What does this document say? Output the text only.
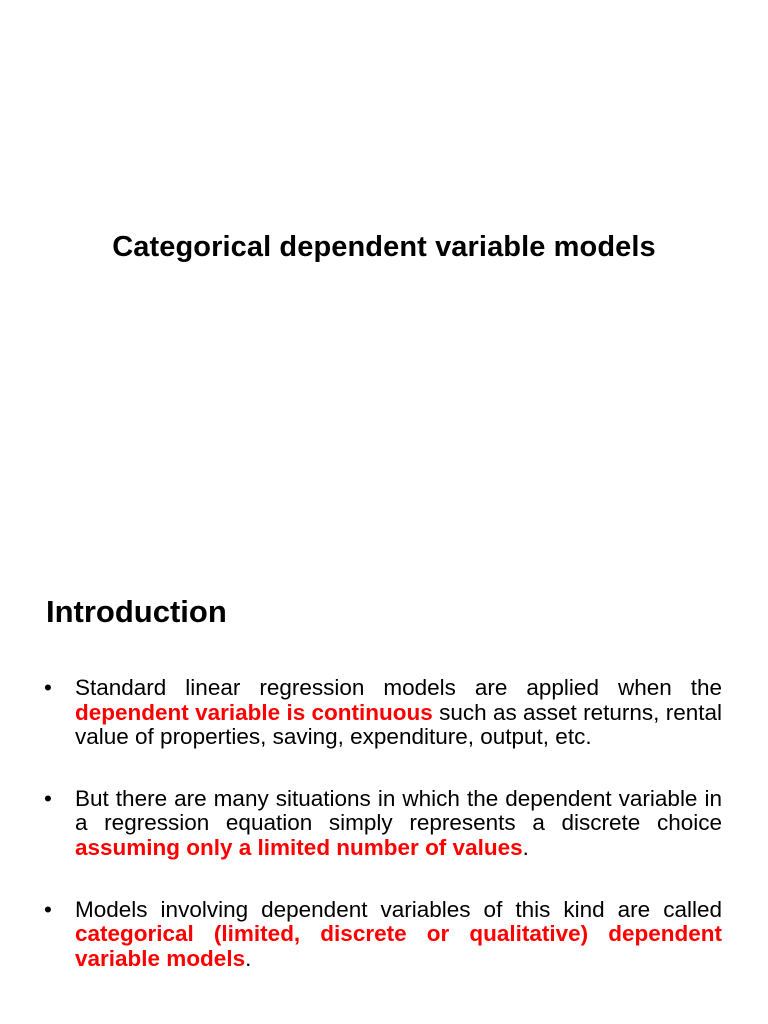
Categorical dependent variable models
Introduction
• Standard linear regression models are applied when the dependent variable is continuous such as asset returns, rental value of properties, saving, expenditure, output, etc.
• But there are many situations in which the dependent variable in a regression equation simply represents a discrete choice assuming only a limited number of values.
• Models involving dependent variables of this kind are called categorical (limited, discrete or qualitative) dependent variable models.
